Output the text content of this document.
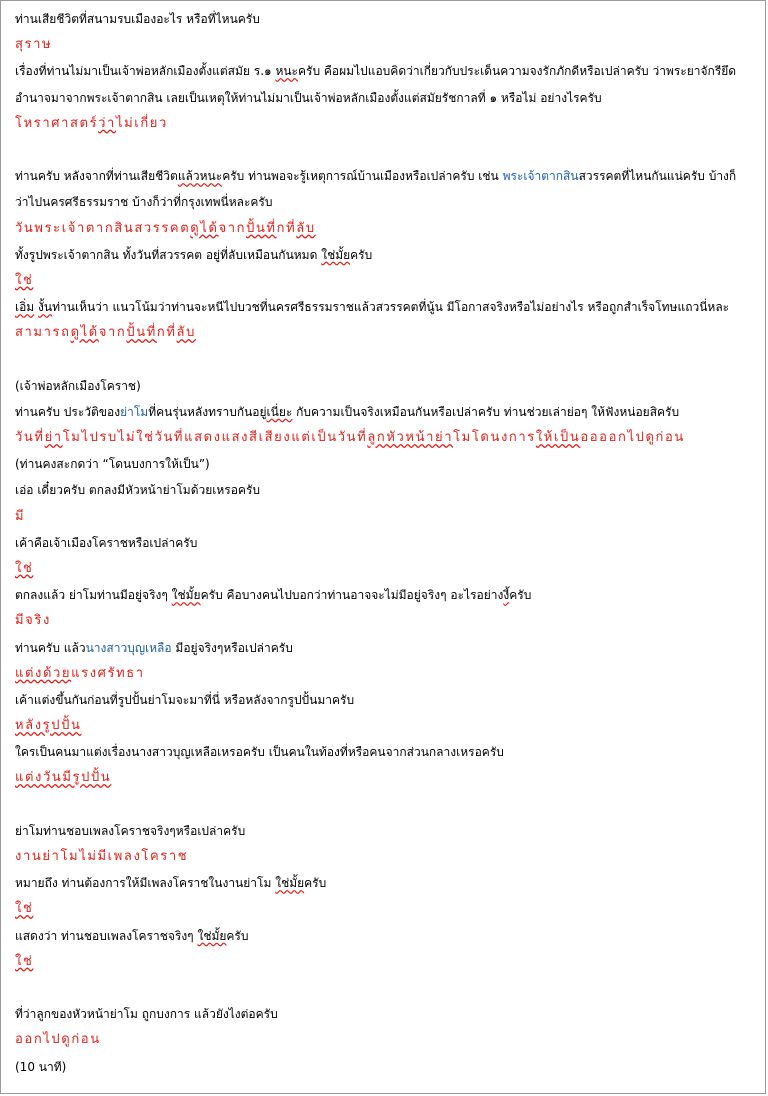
ท่านเสียชีวิตที่สนามรบเมืองอะไร หรือที่ไหนครับ
สุราษ
เรื่องที่ท่านไม่มาเป็นเจ้าพ่อหลักเมืองตั้งแต่สมัย ร.๑ หนะครับ คือผมไปแอบคิดว่าเกี่ยวกับประเด็นความจงรักภักดีหรือเปล่าครับ ว่าพระยาจักรียึด
อำนาจมาจากพระเจ้าตากสิน เลยเป็นเหตุให้ท่านไม่มาเป็นเจ้าพ่อหลักเมืองตั้งแต่สมัยรัชกาลที่ ๑ หรือไม่ อย่างไรครับ
โหราศาสตร์ว่าไม่เกี่ยว
ท่านครับ หลังจากที่ท่านเสียชีวิตแล้วหนะครับ ท่านพอจะรู้เหตุการณ์บ้านเมืองหรือเปล่าครับ เช่น พระเจ้าตากสินสวรรคตที่ไหนกันแน่ครับ บ้างก็
ว่าไปนครศรีธรรมราช บ้างก็ว่าที่กรุงเทพนี่หละครับ
วันพระเจ้าตากสินสวรรคตดูได้จากปั้นที่กที่ลับ
ทั้งรูปพระเจ้าตากสิน ทั้งวันที่สวรรคต อยู่ที่ลับเหมือนกันหมด ใช่มั้ยครับ
ใช่
เอิ่ม งั้นท่านเห็นว่า แนวโน้มว่าท่านจะหนีไปบวชที่นครศรีธรรมราชแล้วสวรรคตที่นู้น มีโอกาสจริงหรือไม่อย่างไร หรือถูกสำเร็จโทษแถวนี่หละ
สามารถดูได้จากปั้นที่กที่ลับ
(เจ้าพ่อหลักเมืองโคราช)
ท่านครับ ประวัติของย่าโมที่คนรุ่นหลังทราบกันอยู่เนี่ยะ กับความเป็นจริงเหมือนกันหรือเปล่าครับ ท่านช่วยเล่าย่อๆ ให้ฟังหน่อยสิครับ
วันที่ย่าโมไปรบไม่ใช่วันที่แสดงแสงสีเสียงแต่เป็นวันที่ลูกหัวหน้าย่าโมโดนงการให้เป็นออออกไปดูก่อน
(ท่านคงสะกดว่า “โดนบงการให้เป็น”)
เอ่อ เดี๋ยวครับ ตกลงมีหัวหน้าย่าโมด้วยเหรอครับ
มี
เค้าคือเจ้าเมืองโคราชหรือเปล่าครับ
ใช่
ตกลงแล้ว ย่าโมท่านมีอยู่จริงๆ ใช่มั้ยครับ คือบางคนไปบอกว่าท่านอาจจะไม่มีอยู่จริงๆ อะไรอย่างงี้ครับ
มีจริง
ท่านครับ แล้วนางสาวบุญเหลือ มีอยู่จริงๆหรือเปล่าครับ
แต่งด้วยแรงศรัทธา
เค้าแต่งขึ้นกันก่อนที่รูปปั้นย่าโมจะมาที่นี่ หรือหลังจากรูปปั้นมาครับ
หลังรูปปั้น
ใครเป็นคนมาแต่งเรื่องนางสาวบุญเหลือเหรอครับ เป็นคนในท้องที่หรือคนจากส่วนกลางเหรอครับ
แต่งวันมีรูปปั้น
ย่าโมท่านชอบเพลงโคราชจริงๆหรือเปล่าครับ
งานย่าโมไม่มีเพลงโคราช
หมายถึง ท่านต้องการให้มีเพลงโคราชในงานย่าโม ใช่มั้ยครับ
ใช่
แสดงว่า ท่านชอบเพลงโคราชจริงๆ ใช่มั้ยครับ
ใช่
ที่ว่าลูกของหัวหน้าย่าโม ถูกบงการ แล้วยังไงต่อครับ
ออกไปดูก่อน
(10 นาที)
